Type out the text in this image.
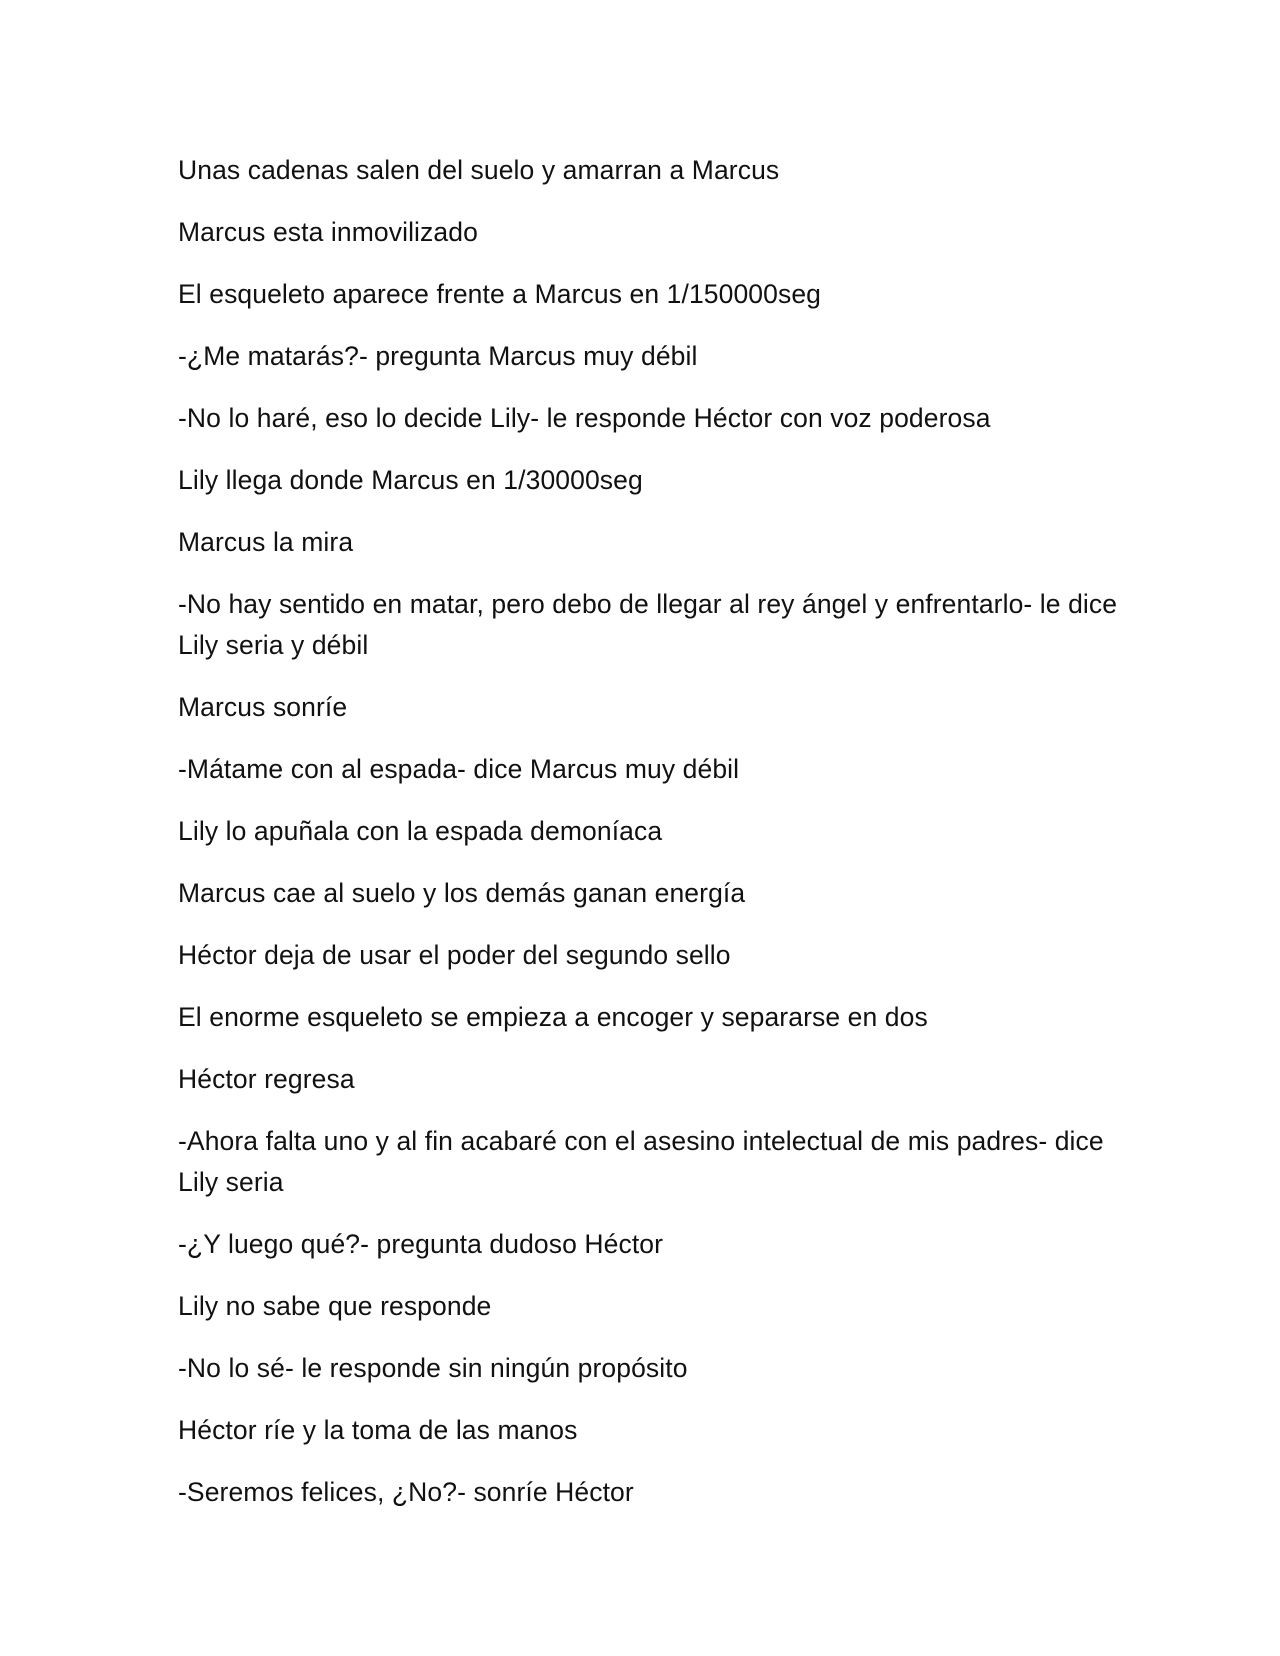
Unas cadenas salen del suelo y amarran a Marcus

Marcus esta inmovilizado

El esqueleto aparece frente a Marcus en 1/150000seg

-¿Me matarás?- pregunta Marcus muy débil

-No lo haré, eso lo decide Lily- le responde Héctor con voz poderosa

Lily llega donde Marcus en 1/30000seg

Marcus la mira

-No hay sentido en matar, pero debo de llegar al rey ángel y enfrentarlo- le dice Lily seria y débil

Marcus sonríe

-Mátame con al espada- dice Marcus muy débil

Lily lo apuñala con la espada demoníaca

Marcus cae al suelo y los demás ganan energía

Héctor deja de usar el poder del segundo sello

El enorme esqueleto se empieza a encoger y separarse en dos

Héctor regresa

-Ahora falta uno y al fin acabaré con el asesino intelectual de mis padres- dice Lily seria

-¿Y luego qué?- pregunta dudoso Héctor

Lily no sabe que responde

-No lo sé- le responde sin ningún propósito

Héctor ríe y la toma de las manos

-Seremos felices, ¿No?- sonríe Héctor
